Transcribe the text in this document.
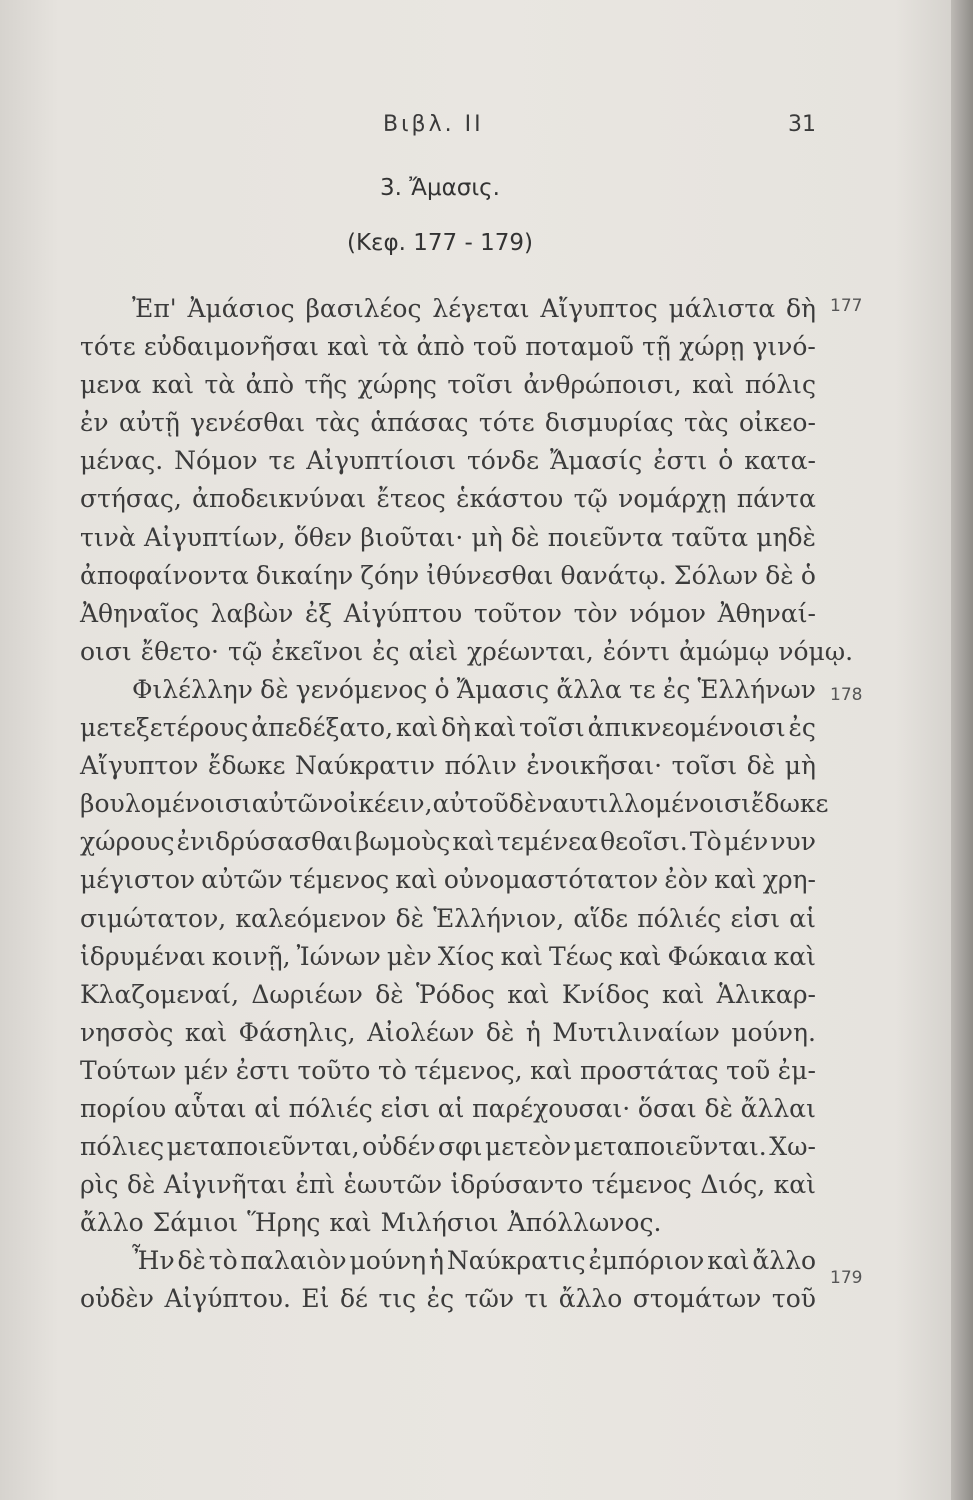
Βιβλ. II	31
3. Ἄμασις.
(Κεφ. 177 - 179)
177
178
179
Ἐπ' Ἀμάσιος βασιλέος λέγεται Αἴγυπτος μάλιστα δὴ
τότε εὐδαιμονῆσαι καὶ τὰ ἀπὸ τοῦ ποταμοῦ τῇ χώρῃ γινό-
μενα καὶ τὰ ἀπὸ τῆς χώρης τοῖσι ἀνθρώποισι, καὶ πόλις
ἐν αὐτῇ γενέσθαι τὰς ἁπάσας τότε δισμυρίας τὰς οἰκεο-
μένας. Νόμον τε Αἰγυπτίοισι τόνδε Ἄμασίς ἐστι ὁ κατα-
στήσας, ἀποδεικνύναι ἔτεος ἑκάστου τῷ νομάρχῃ πάντα
τινὰ Αἰγυπτίων, ὅθεν βιοῦται· μὴ δὲ ποιεῦντα ταῦτα μηδὲ
ἀποφαίνοντα δικαίην ζόην ἰθύνεσθαι θανάτῳ. Σόλων δὲ ὁ
Ἀθηναῖος λαβὼν ἐξ Αἰγύπτου τοῦτον τὸν νόμον Ἀθηναί-
οισι ἔθετο· τῷ ἐκεῖνοι ἐς αἰεὶ χρέωνται, ἐόντι ἀμώμῳ νόμῳ.
Φιλέλλην δὲ γενόμενος ὁ Ἄμασις ἄλλα τε ἐς Ἑλλήνων
μετεξετέρους ἀπεδέξατο, καὶ δὴ καὶ τοῖσι ἀπικνεομένοισι ἐς
Αἴγυπτον ἔδωκε Ναύκρατιν πόλιν ἐνοικῆσαι· τοῖσι δὲ μὴ
βουλομένοισι αὐτῶν οἰκέειν, αὐτοῦ δὲ ναυτιλλομένοισι ἔδωκε
χώρους ἐνιδρύσασθαι βωμοὺς καὶ τεμένεα θεοῖσι. Τὸ μέν νυν
μέγιστον αὐτῶν τέμενος καὶ οὐνομαστότατον ἐὸν καὶ χρη-
σιμώτατον, καλεόμενον δὲ Ἑλλήνιον, αἵδε πόλιές εἰσι αἱ
ἱδρυμέναι κοινῇ, Ἰώνων μὲν Χίος καὶ Τέως καὶ Φώκαια καὶ
Κλαζομεναί, Δωριέων δὲ Ῥόδος καὶ Κνίδος καὶ Ἁλικαρ-
νησσὸς καὶ Φάσηλις, Αἰολέων δὲ ἡ Μυτιλιναίων μούνη.
Τούτων μέν ἐστι τοῦτο τὸ τέμενος, καὶ προστάτας τοῦ ἐμ-
πορίου αὗται αἱ πόλιές εἰσι αἱ παρέχουσαι· ὅσαι δὲ ἄλλαι
πόλιες μεταποιεῦνται, οὐδέν σφι μετεὸν μεταποιεῦνται. Χω-
ρὶς δὲ Αἰγινῆται ἐπὶ ἑωυτῶν ἱδρύσαντο τέμενος Διός, καὶ
ἄλλο Σάμιοι Ἥρης καὶ Μιλήσιοι Ἀπόλλωνος.
Ἦν δὲ τὸ παλαιὸν μούνη ἡ Ναύκρατις ἐμπόριον καὶ ἄλλο
οὐδὲν Αἰγύπτου. Εἰ δέ τις ἐς τῶν τι ἄλλο στομάτων τοῦ
